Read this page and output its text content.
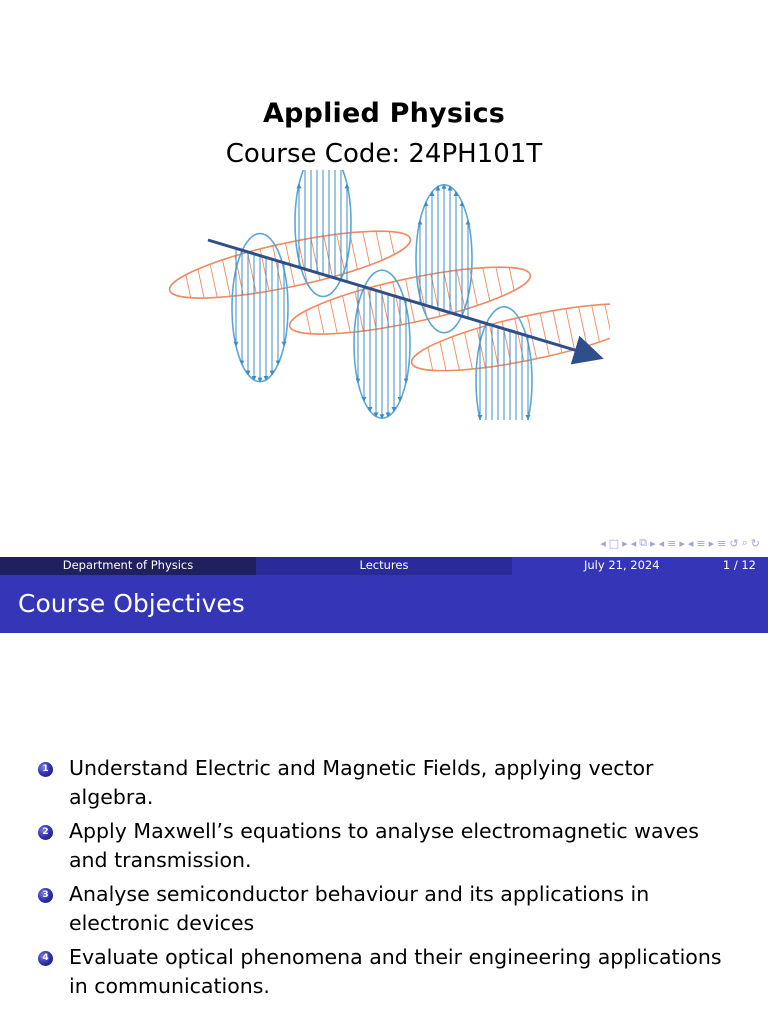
Applied Physics
Course Code: 24PH101T
◂ □ ▸ ◂ ⧉ ▸ ◂ ≡ ▸ ◂ ≡ ▸ ≡ ↺ ⌕ ↻
Department of Physics	Lectures	July 21, 2024	1 / 12
Course Objectives
1 Understand Electric and Magnetic Fields, applying vector algebra.
2 Apply Maxwell’s equations to analyse electromagnetic waves and transmission.
3 Analyse semiconductor behaviour and its applications in electronic devices
4 Evaluate optical phenomena and their engineering applications in communications.
